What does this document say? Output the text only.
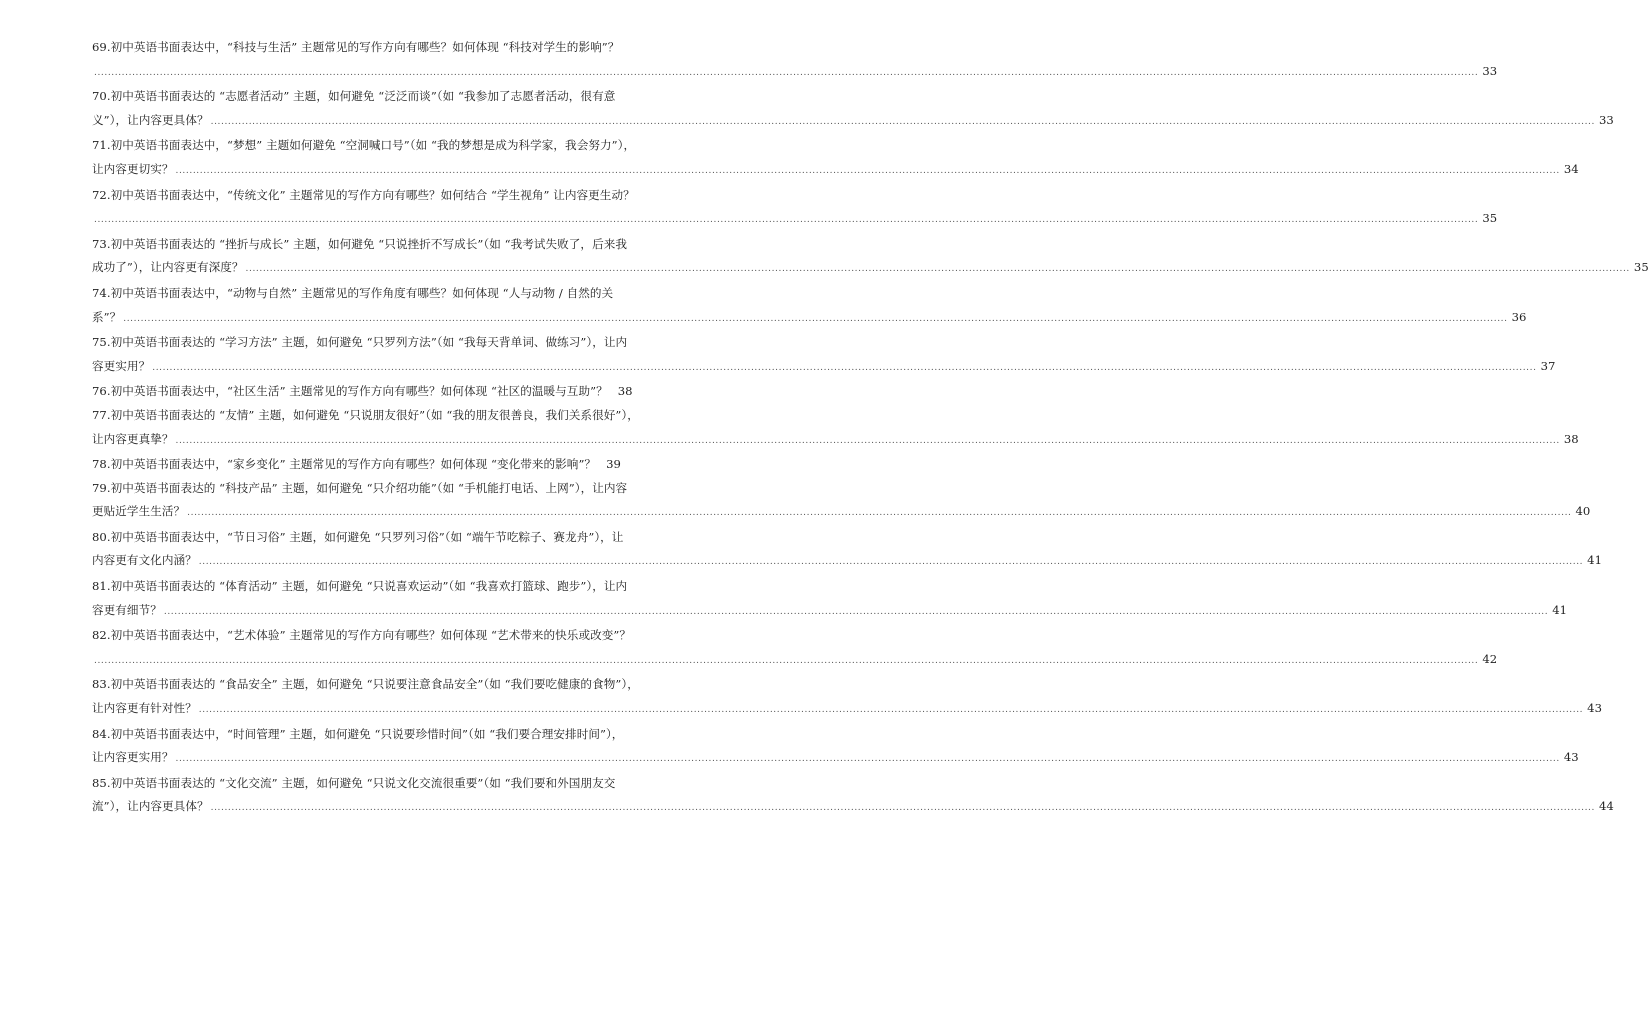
69.初中英语书面表达中，“科技与生活” 主题常见的写作方向有哪些？如何体现 “科技对学生的影响”？
................................................................................................................................................................................................................................................................................................................................................................................................................ 33
70.初中英语书面表达的 “志愿者活动” 主题，如何避免 “泛泛而谈”（如 “我参加了志愿者活动，很有意
义”），让内容更具体？ ................................................................................................................................................................................................................................................................................................................................................................................................................ 33
71.初中英语书面表达中，“梦想” 主题如何避免 “空洞喊口号”（如 “我的梦想是成为科学家，我会努力”），
让内容更切实？ ................................................................................................................................................................................................................................................................................................................................................................................................................ 34
72.初中英语书面表达中，“传统文化” 主题常见的写作方向有哪些？如何结合 “学生视角” 让内容更生动？
................................................................................................................................................................................................................................................................................................................................................................................................................ 35
73.初中英语书面表达的 “挫折与成长” 主题，如何避免 “只说挫折不写成长”（如 “我考试失败了，后来我
成功了”），让内容更有深度？ ................................................................................................................................................................................................................................................................................................................................................................................................................ 35
74.初中英语书面表达中，“动物与自然” 主题常见的写作角度有哪些？如何体现 “人与动物 / 自然的关
系”？ ................................................................................................................................................................................................................................................................................................................................................................................................................ 36
75.初中英语书面表达的 “学习方法” 主题，如何避免 “只罗列方法”（如 “我每天背单词、做练习”），让内
容更实用？ ................................................................................................................................................................................................................................................................................................................................................................................................................ 37
76.初中英语书面表达中，“社区生活” 主题常见的写作方向有哪些？如何体现 “社区的温暖与互助”？ 38
77.初中英语书面表达的 “友情” 主题，如何避免 “只说朋友很好”（如 “我的朋友很善良，我们关系很好”），
让内容更真挚？ ................................................................................................................................................................................................................................................................................................................................................................................................................ 38
78.初中英语书面表达中，“家乡变化” 主题常见的写作方向有哪些？如何体现 “变化带来的影响”？ 39
79.初中英语书面表达的 “科技产品” 主题，如何避免 “只介绍功能”（如 “手机能打电话、上网”），让内容
更贴近学生生活？ ................................................................................................................................................................................................................................................................................................................................................................................................................ 40
80.初中英语书面表达中，“节日习俗” 主题，如何避免 “只罗列习俗”（如 “端午节吃粽子、赛龙舟”），让
内容更有文化内涵？ ................................................................................................................................................................................................................................................................................................................................................................................................................ 41
81.初中英语书面表达的 “体育活动” 主题，如何避免 “只说喜欢运动”（如 “我喜欢打篮球、跑步”），让内
容更有细节？ ................................................................................................................................................................................................................................................................................................................................................................................................................ 41
82.初中英语书面表达中，“艺术体验” 主题常见的写作方向有哪些？如何体现 “艺术带来的快乐或改变”？
................................................................................................................................................................................................................................................................................................................................................................................................................ 42
83.初中英语书面表达的 “食品安全” 主题，如何避免 “只说要注意食品安全”（如 “我们要吃健康的食物”），
让内容更有针对性？ ................................................................................................................................................................................................................................................................................................................................................................................................................ 43
84.初中英语书面表达中，“时间管理” 主题，如何避免 “只说要珍惜时间”（如 “我们要合理安排时间”），
让内容更实用？ ................................................................................................................................................................................................................................................................................................................................................................................................................ 43
85.初中英语书面表达的 “文化交流” 主题，如何避免 “只说文化交流很重要”（如 “我们要和外国朋友交
流”），让内容更具体？ ................................................................................................................................................................................................................................................................................................................................................................................................................ 44
